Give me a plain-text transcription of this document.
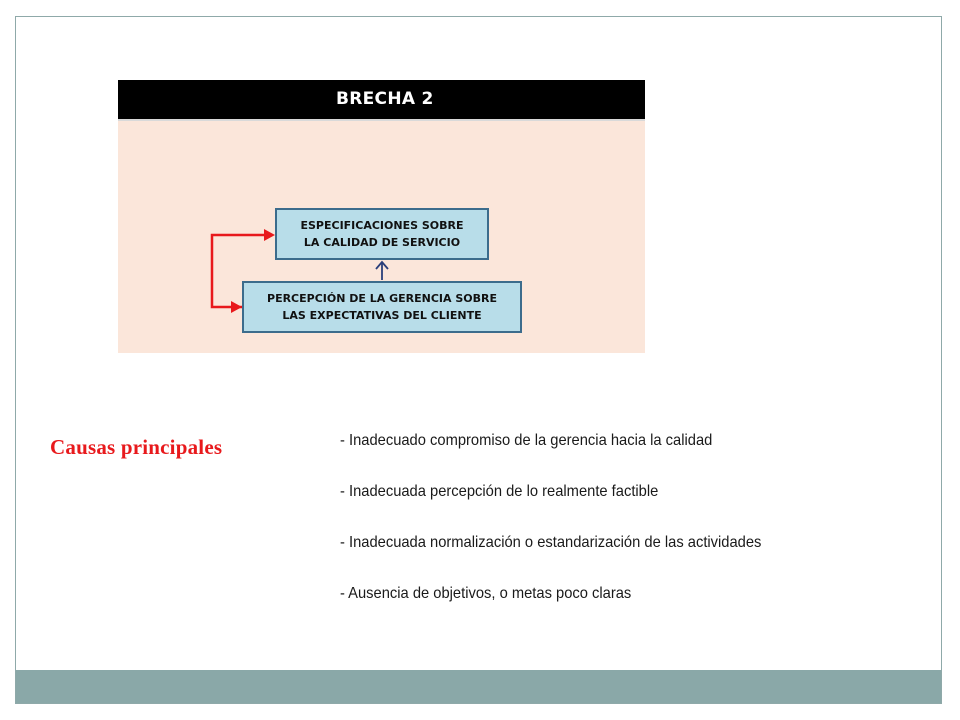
BRECHA 2
ESPECIFICACIONES SOBRE
LA CALIDAD DE SERVICIO
PERCEPCIÓN DE LA GERENCIA SOBRE
LAS EXPECTATIVAS DEL CLIENTE
Causas principales	- Inadecuado compromiso de la gerencia hacia la calidad
- Inadecuada percepción de lo realmente factible
- Inadecuada normalización o estandarización de las actividades
- Ausencia de objetivos, o metas poco claras
